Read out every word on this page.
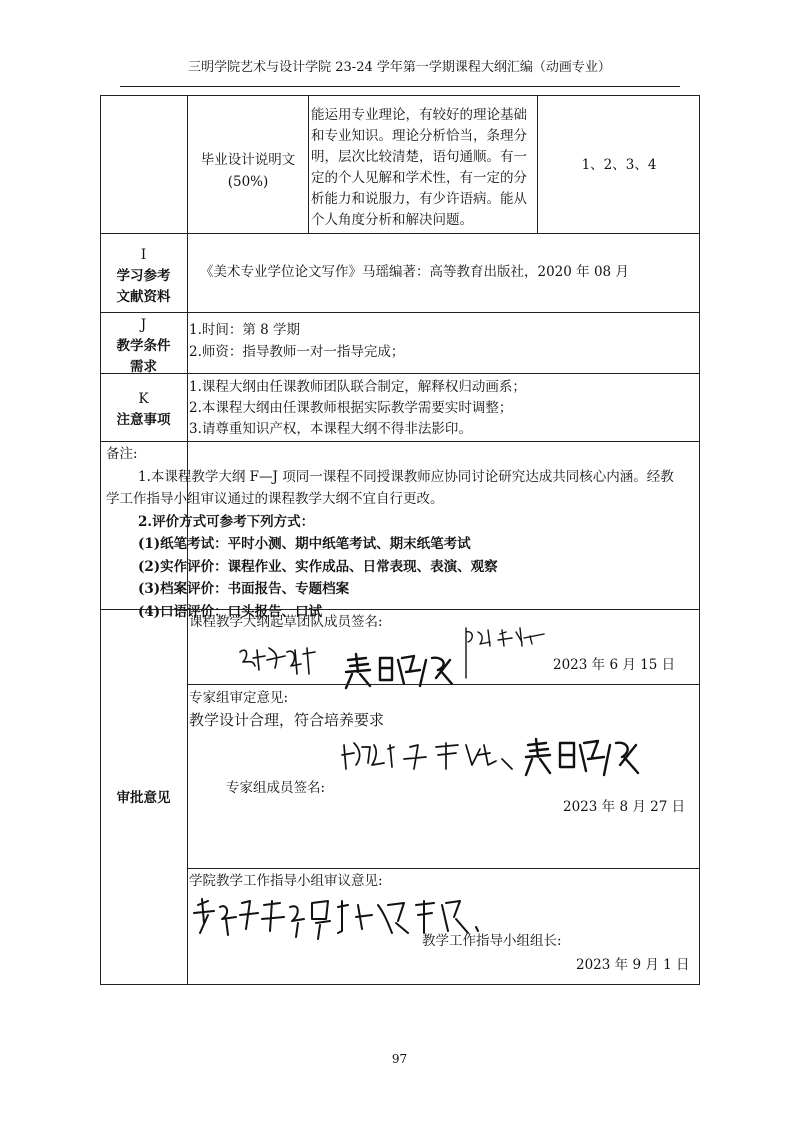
三明学院艺术与设计学院 23-24 学年第一学期课程大纲汇编（动画专业）
毕业设计说明文
(50%)
能运用专业理论，有较好的理论基础
和专业知识。理论分析恰当，条理分
明，层次比较清楚，语句通顺。有一
定的个人见解和学术性，有一定的分
析能力和说服力，有少许语病。能从
个人角度分析和解决问题。
1、2、3、4
I
学习参考
文献资料
《美术专业学位论文写作》马瑶编著：高等教育出版社，2020 年 08 月
J
教学条件
需求
1.时间：第 8 学期
2.师资：指导教师一对一指导完成；
K
注意事项
1.课程大纲由任课教师团队联合制定，解释权归动画系；
2.本课程大纲由任课教师根据实际教学需要实时调整；
3.请尊重知识产权，本课程大纲不得非法影印。
备注:
1.本课程教学大纲 F—J 项同一课程不同授课教师应协同讨论研究达成共同核心内涵。经教
学工作指导小组审议通过的课程教学大纲不宜自行更改。
2.评价方式可参考下列方式：
(1)纸笔考试：平时小测、期中纸笔考试、期末纸笔考试
(2)实作评价：课程作业、实作成品、日常表现、表演、观察
(3)档案评价：书面报告、专题档案
(4)口语评价：口头报告、口试
审批意见
课程教学大纲起草团队成员签名:
2023 年 6 月 15 日
专家组审定意见:
教学设计合理，符合培养要求
专家组成员签名:
2023 年 8 月 27 日
学院教学工作指导小组审议意见:
教学工作指导小组组长:
2023 年 9 月 1 日
97
